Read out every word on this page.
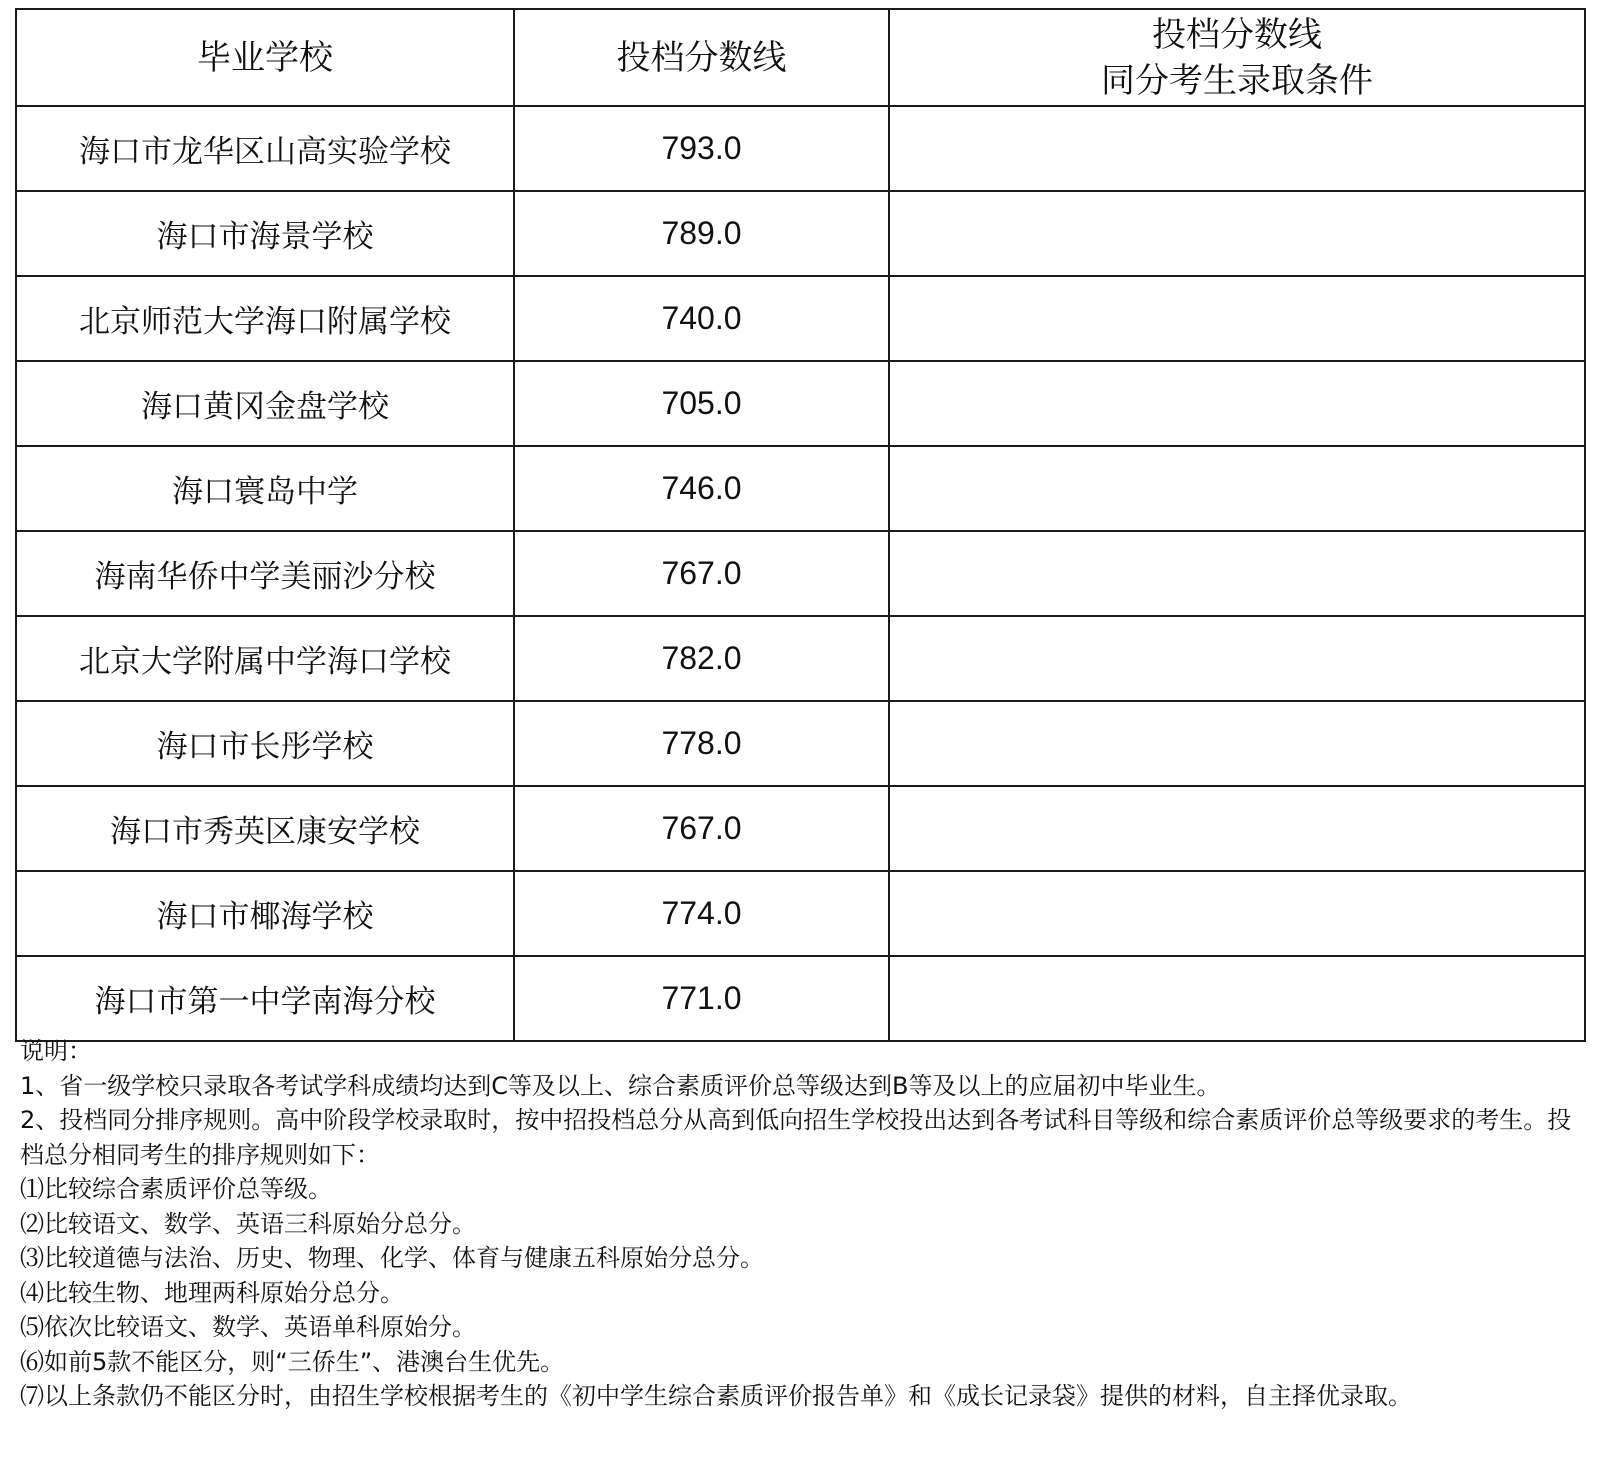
毕业学校	投档分数线	投档分数线
同分考生录取条件

海口市龙华区山高实验学校	793.0	
海口市海景学校	789.0	
北京师范大学海口附属学校	740.0	
海口黄冈金盘学校	705.0	
海口寰岛中学	746.0	
海南华侨中学美丽沙分校	767.0	
北京大学附属中学海口学校	782.0	
海口市长彤学校	778.0	
海口市秀英区康安学校	767.0	
海口市椰海学校	774.0	
海口市第一中学南海分校	771.0	

说明：

1、省一级学校只录取各考试学科成绩均达到C等及以上、综合素质评价总等级达到B等及以上的应届初中毕业生。

2、投档同分排序规则。高中阶段学校录取时，按中招投档总分从高到低向招生学校投出达到各考试科目等级和综合素质评价总等级要求的考生。投档总分相同考生的排序规则如下：

⑴比较综合素质评价总等级。

⑵比较语文、数学、英语三科原始分总分。

⑶比较道德与法治、历史、物理、化学、体育与健康五科原始分总分。

⑷比较生物、地理两科原始分总分。

⑸依次比较语文、数学、英语单科原始分。

⑹如前5款不能区分，则“三侨生”、港澳台生优先。

⑺以上条款仍不能区分时，由招生学校根据考生的《初中学生综合素质评价报告单》和《成长记录袋》提供的材料，自主择优录取。
